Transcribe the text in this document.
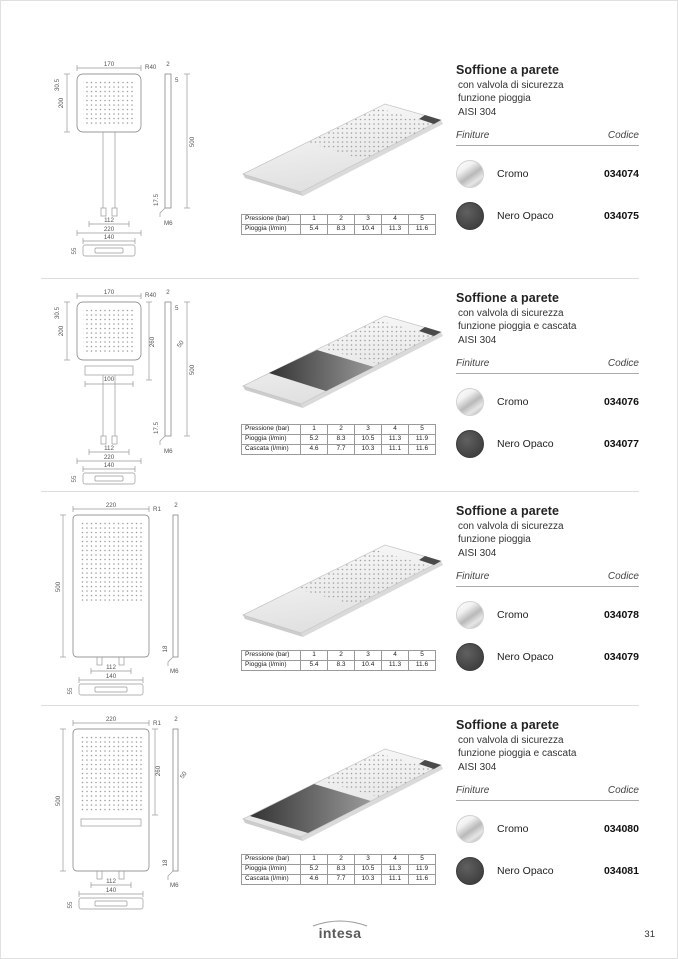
170
30.5
R40
200
112
220
140
55
2
5
500
17.5
M6
Pressione (bar)	1	2	3	4	5
Pioggia (l/min)	5.4	8.3	10.4	11.3	11.6
Soffione a parete
con valvola di sicurezza
funzione pioggia
AISI 304
Finiture	Codice
Cromo	034074
Nero Opaco	034075
170
30.5
R40
200
260
100
112
220
140
55
2
5
50
500
17.5
M6
Pressione (bar)	1	2	3	4	5
Pioggia (l/min)	5.2	8.3	10.5	11.3	11.9
Cascata (l/min)	4.6	7.7	10.3	11.1	11.6
Soffione a parete
con valvola di sicurezza
funzione pioggia e cascata
AISI 304
Finiture	Codice
Cromo	034076
Nero Opaco	034077
220
R1
2
500
112
140
55
18
M6
Pressione (bar)	1	2	3	4	5
Pioggia (l/min)	5.4	8.3	10.4	11.3	11.6
Soffione a parete
con valvola di sicurezza
funzione pioggia
AISI 304
Finiture	Codice
Cromo	034078
Nero Opaco	034079
220
R1
2
260
500
50
112
140
55
18
M6
Pressione (bar)	1	2	3	4	5
Pioggia (l/min)	5.2	8.3	10.5	11.3	11.9
Cascata (l/min)	4.6	7.7	10.3	11.1	11.6
Soffione a parete
con valvola di sicurezza
funzione pioggia e cascata
AISI 304
Finiture	Codice
Cromo	034080
Nero Opaco	034081
intesa	31
